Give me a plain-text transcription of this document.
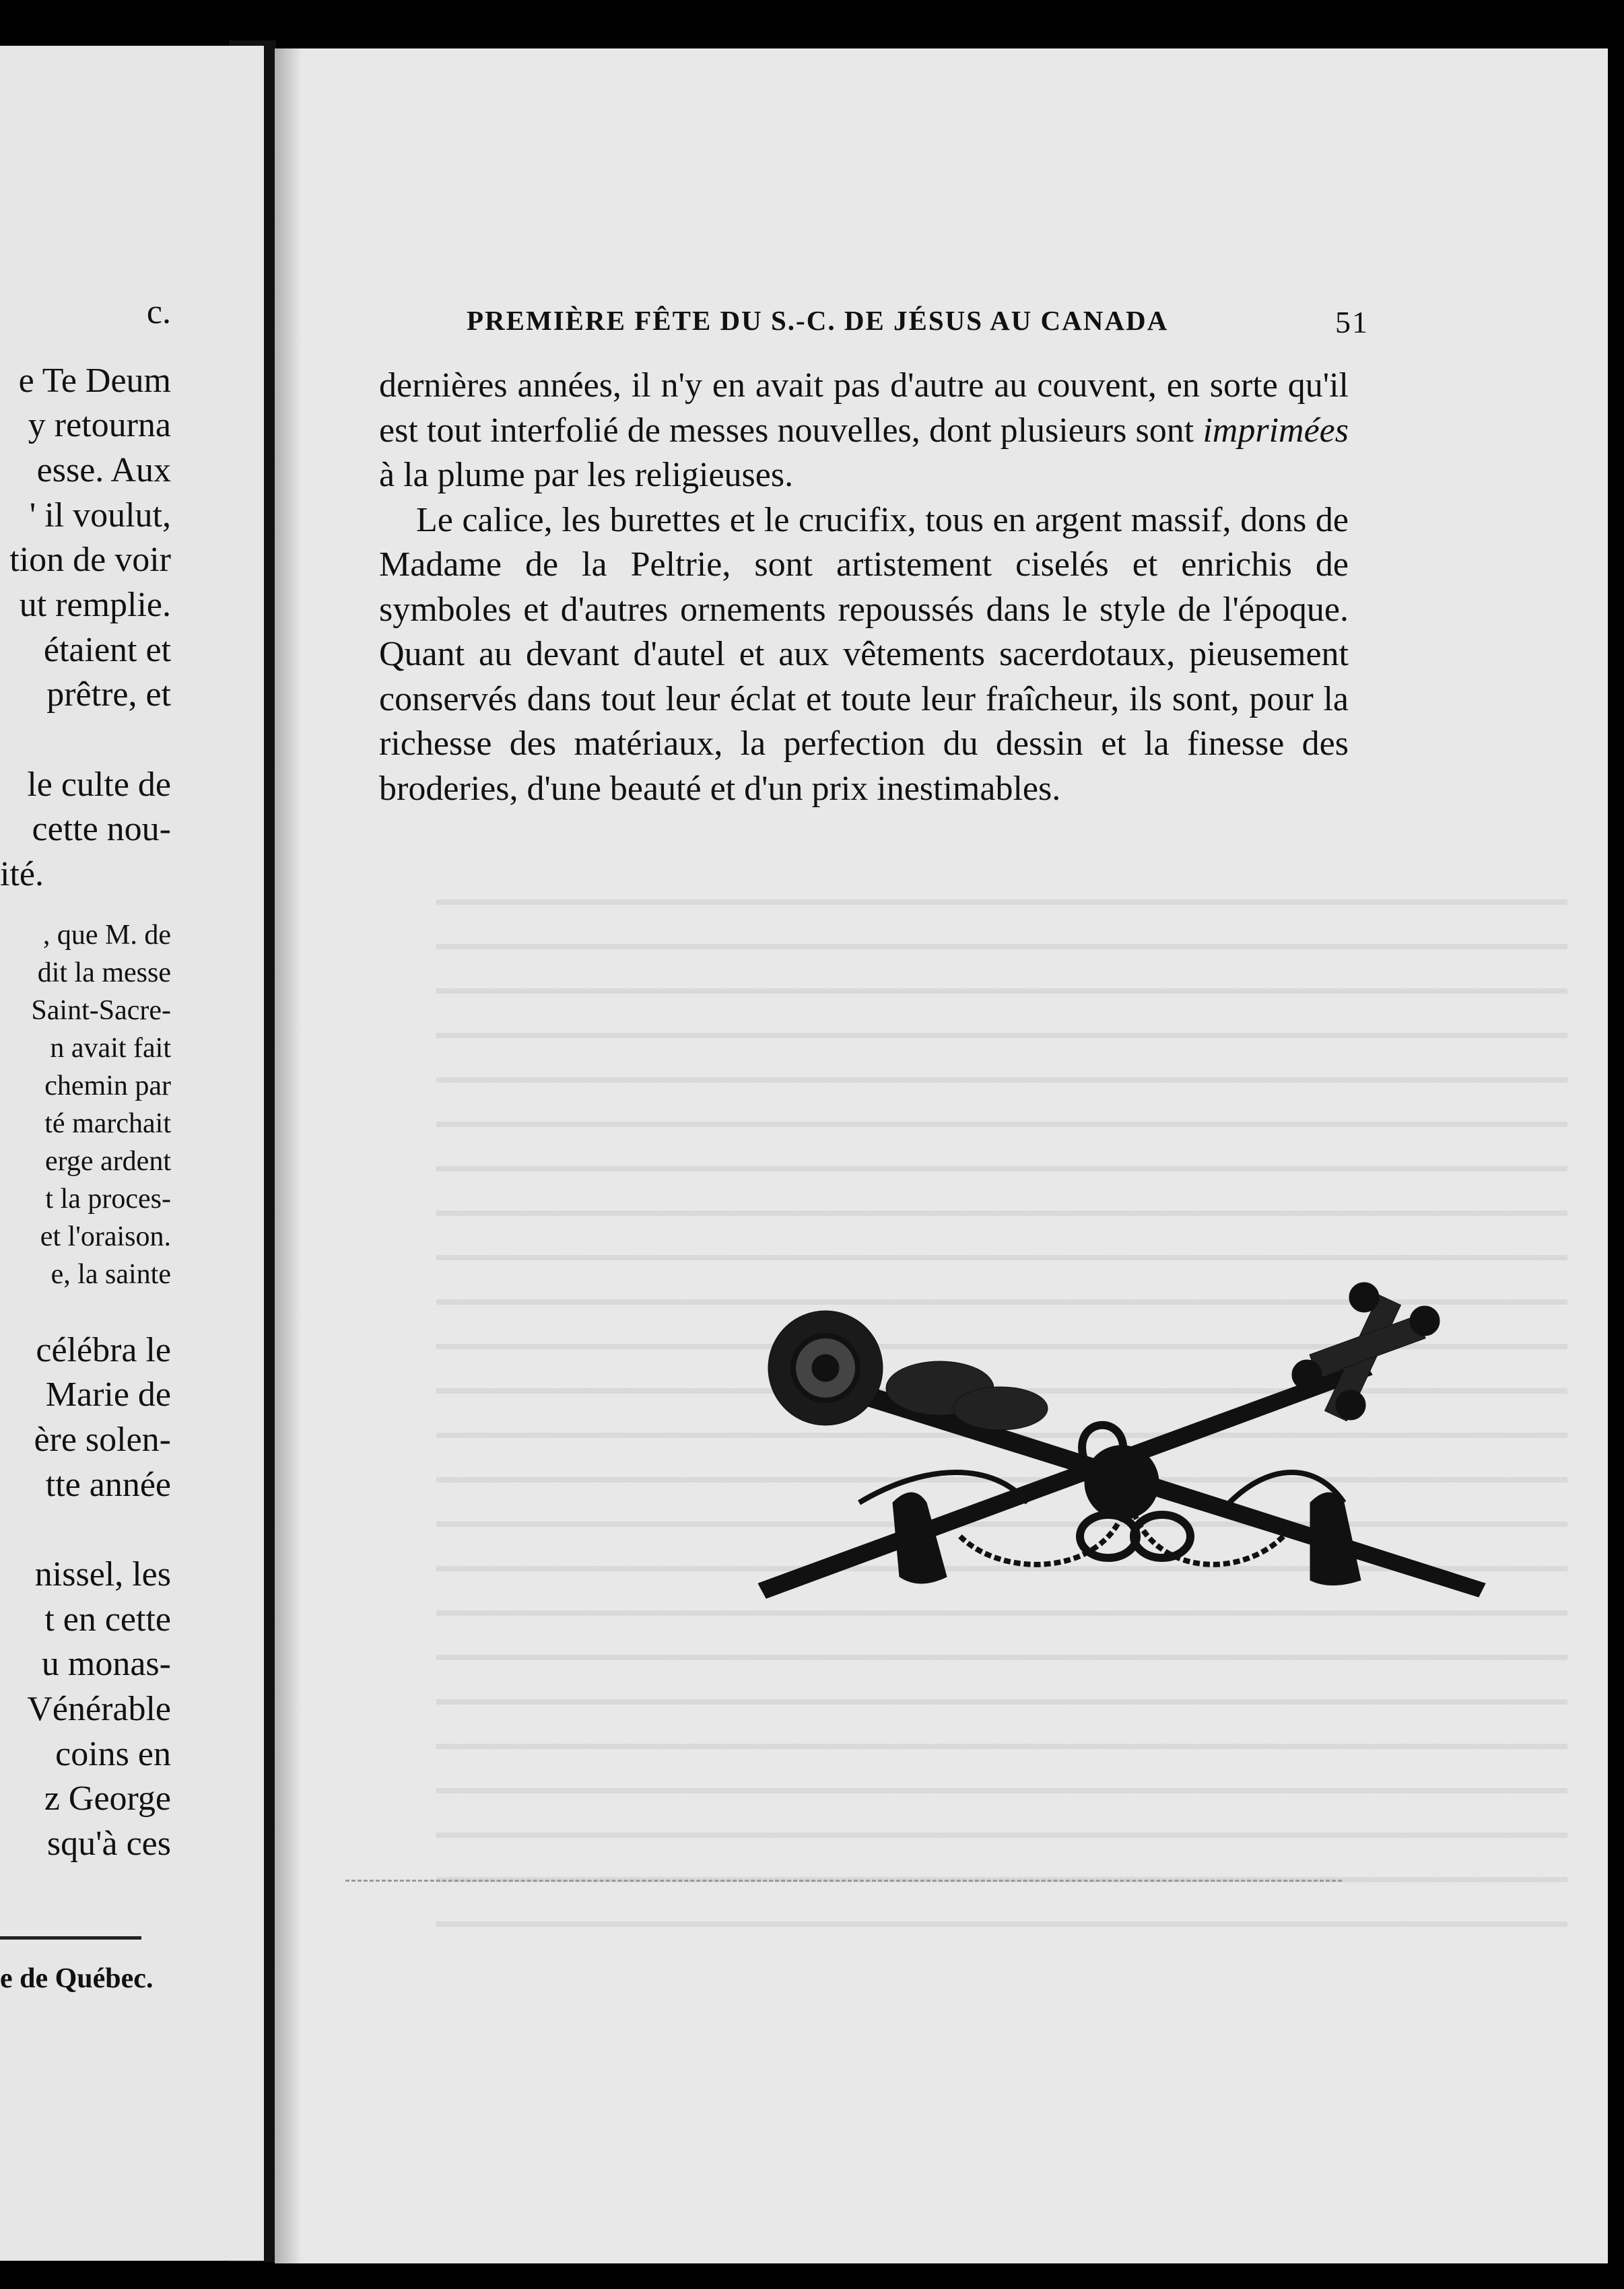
c.
e Te Deum
y retourna
esse. Aux
' il voulut,
tion de voir
ut remplie.
étaient et
prêtre, et
le culte de
cette nou-
ité.
, que M. de
dit la messe
Saint-Sacre-
n avait fait
chemin par
té marchait
erge ardent
t la proces-
et l'oraison.
e, la sainte
célébra le
Marie de
ère solen-
tte année
nissel, les
t en cette
u monas-
Vénérable
coins en
z George
squ'à ces
e de Québec.
PREMIÈRE FÊTE DU S.-C. DE JÉSUS AU CANADA	51

dernières années, il n'y en avait pas d'autre au couvent, en sorte qu'il est tout interfolié de messes nouvelles, dont plusieurs sont imprimées à la plume par les religieuses.

Le calice, les burettes et le crucifix, tous en argent massif, dons de Madame de la Peltrie, sont artistement ciselés et enrichis de symboles et d'autres ornements repoussés dans le style de l'époque. Quant au devant d'autel et aux vêtements sacerdotaux, pieusement conservés dans tout leur éclat et toute leur fraîcheur, ils sont, pour la richesse des matériaux, la perfection du dessin et la finesse des broderies, d'une beauté et d'un prix inestimables.
